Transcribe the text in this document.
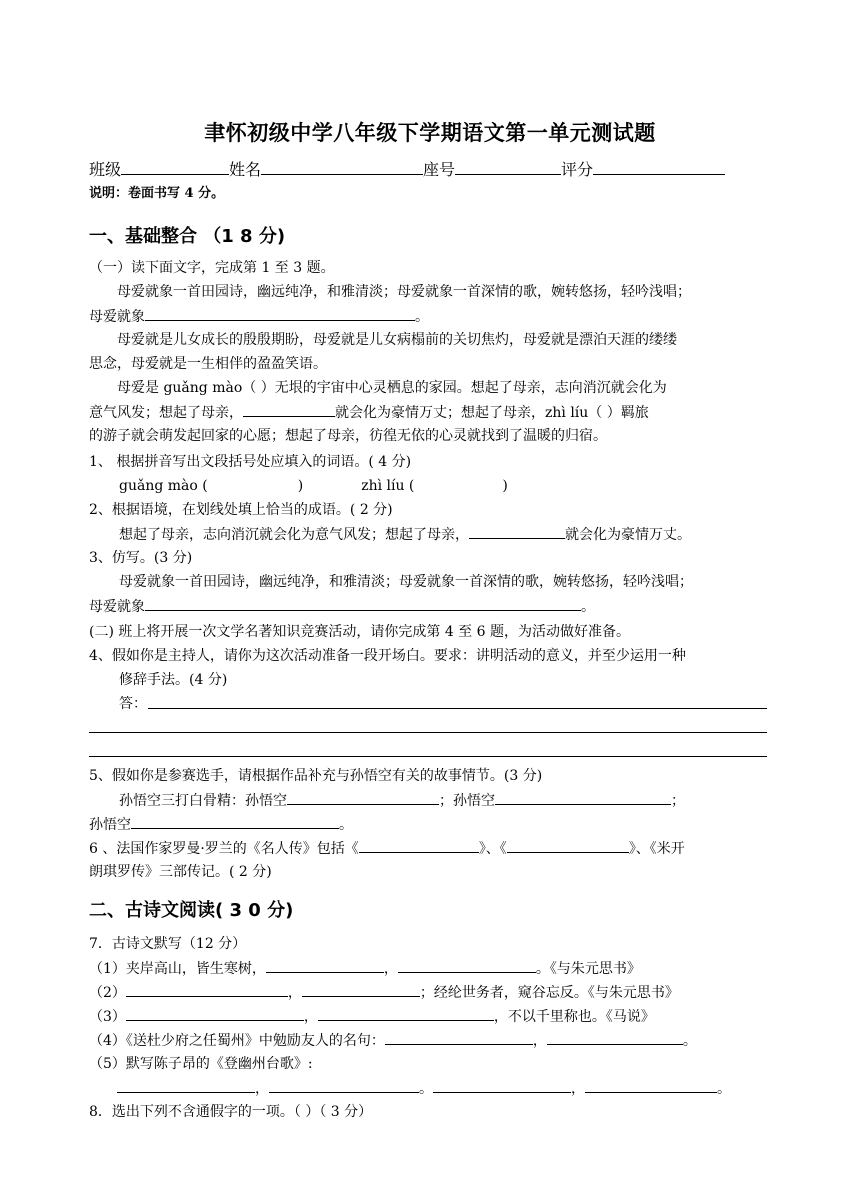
聿怀初级中学八年级下学期语文第一单元测试题
班级	姓名	座号	评分
说明：卷面书写 4 分。
一、基础整合 （1 8 分)
（一）读下面文字，完成第 1 至 3 题。
母爱就象一首田园诗，幽远纯净，和雅清淡；母爱就象一首深情的歌，婉转悠扬，轻吟浅唱；
母爱就象	。
母爱就是儿女成长的殷殷期盼，母爱就是儿女病榻前的关切焦灼，母爱就是漂泊天涯的缕缕
思念，母爱就是一生相伴的盈盈笑语。
母爱是 guǎng mào（ ）无垠的宇宙中心灵栖息的家园。想起了母亲，志向消沉就会化为
意气风发；想起了母亲，	就会化为豪情万丈；想起了母亲，zhì líu（ ）羁旅
的游子就会萌发起回家的心愿；想起了母亲，彷徨无依的心灵就找到了温暖的归宿。
1、 根据拼音写出文段括号处应填入的词语。( 4 分)
guǎng mào (	)	zhì líu (	)
2、根据语境，在划线处填上恰当的成语。( 2 分)
想起了母亲，志向消沉就会化为意气风发；想起了母亲，	就会化为豪情万丈。
3、仿写。(3 分)
母爱就象一首田园诗，幽远纯净，和雅清淡；母爱就象一首深情的歌，婉转悠扬，轻吟浅唱；
母爱就象	。
(二) 班上将开展一次文学名著知识竞赛活动，请你完成第 4 至 6 题，为活动做好准备。
4、假如你是主持人，请你为这次活动准备一段开场白。要求：讲明活动的意义，并至少运用一种
修辞手法。(4 分)
答：
5、假如你是参赛选手，请根据作品补充与孙悟空有关的故事情节。(3 分)
孙悟空三打白骨精：孙悟空	；孙悟空	；
孙悟空	。
6 、法国作家罗曼·罗兰的《名人传》包括《	》、《	》、《米开
朗琪罗传》三部传记。( 2 分)
二、古诗文阅读( 3 0 分)
7．古诗文默写（12 分）
（1）夹岸高山，皆生寒树，	，	。《与朱元思书》
（2）	，	；经纶世务者，窥谷忘反。《与朱元思书》
（3）	，	，不以千里称也。《马说》
（4）《送杜少府之任蜀州》中勉励友人的名句：	，	。
（5）默写陈子昂的《登幽州台歌》:
，	。	，	。
8．选出下列不含通假字的一项。（ ）（ 3 分）
